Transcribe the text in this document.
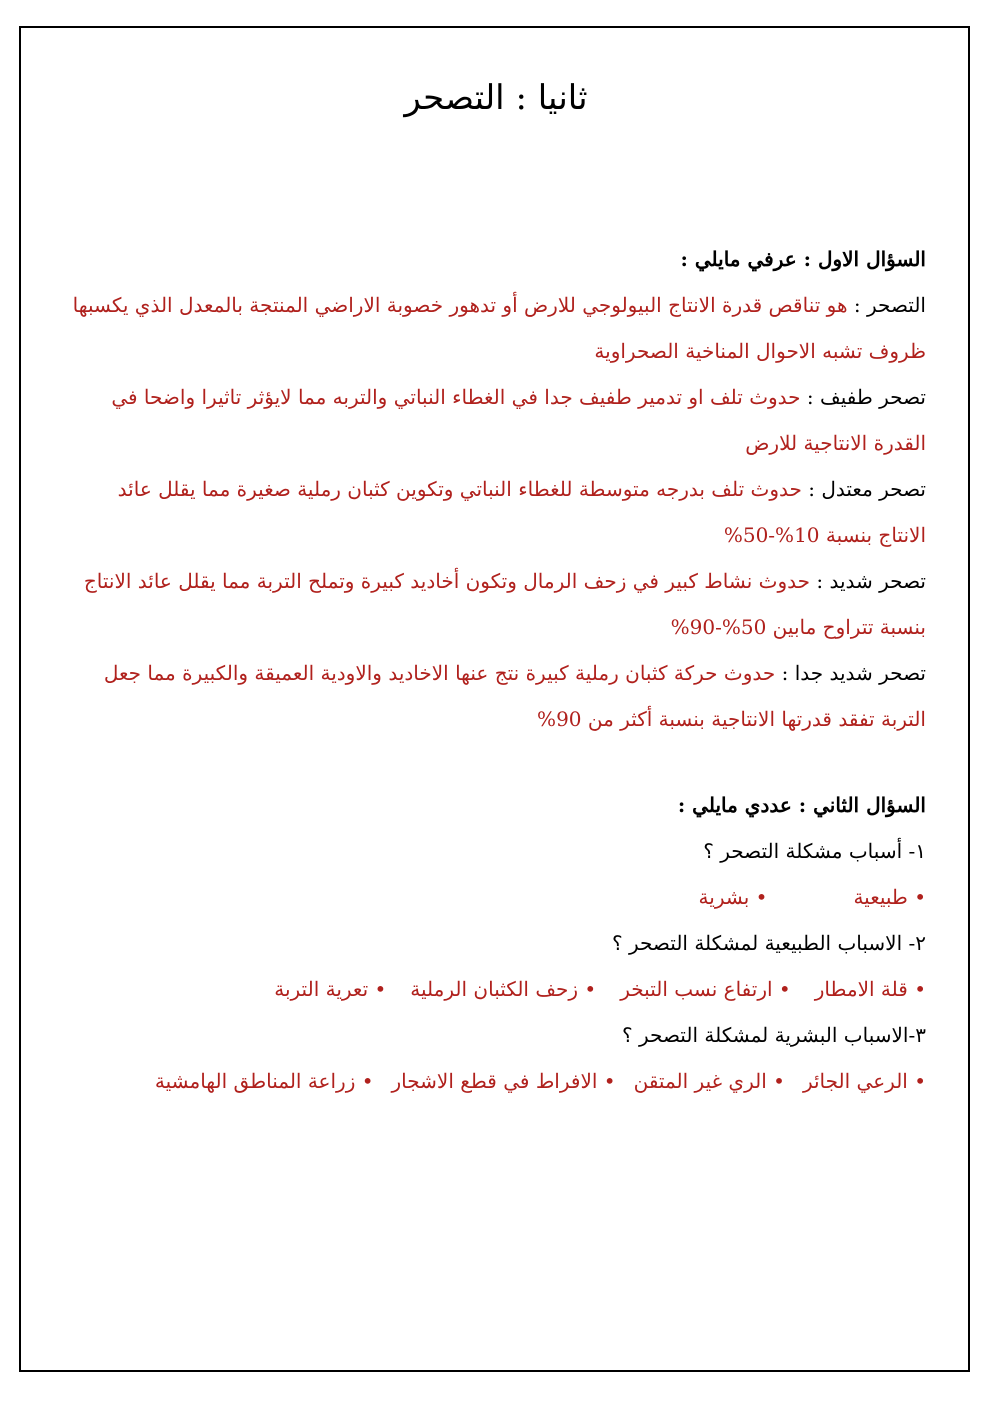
ثانيا : التصحر
السؤال الاول : عرفي مايلي :
التصحر : هو تناقص قدرة الانتاج البيولوجي للارض أو تدهور خصوبة الاراضي المنتجة بالمعدل الذي يكسبها ظروف تشبه الاحوال المناخية الصحراوية
تصحر طفيف : حدوث تلف او تدمير طفيف جدا في الغطاء النباتي والتربه مما لايؤثر تاثيرا واضحا في القدرة الانتاجية للارض
تصحر معتدل : حدوث تلف بدرجه متوسطة للغطاء النباتي وتكوين كثبان رملية صغيرة مما يقلل عائد الانتاج بنسبة 10%-50%
تصحر شديد : حدوث نشاط كبير في زحف الرمال وتكون أخاديد كبيرة وتملح التربة مما يقلل عائد الانتاج بنسبة تتراوح مابين 50%-90%
تصحر شديد جدا : حدوث حركة كثبان رملية كبيرة نتج عنها الاخاديد والاودية العميقة والكبيرة مما جعل التربة تفقد قدرتها الانتاجية بنسبة أكثر من 90%
السؤال الثاني : عددي مايلي :
١- أسباب مشكلة التصحر ؟
• طبيعية
• بشرية
٢- الاسباب الطبيعية لمشكلة التصحر ؟
• قلة الامطار
• ارتفاع نسب التبخر
• زحف الكثبان الرملية
• تعرية التربة
٣-الاسباب البشرية لمشكلة التصحر ؟
• الرعي الجائر
• الري غير المتقن
• الافراط في قطع الاشجار
• زراعة المناطق الهامشية
